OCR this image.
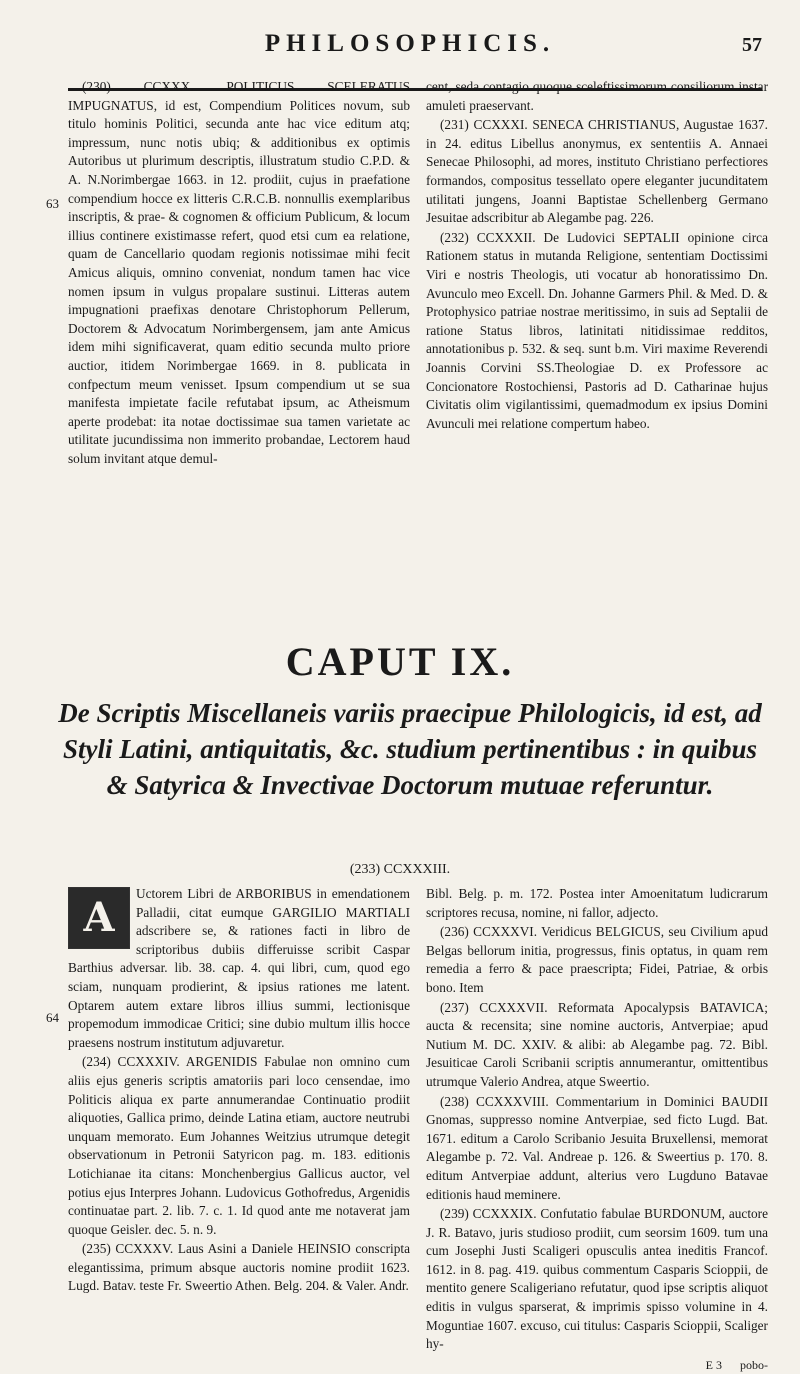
PHILOSOPHICIS.	57
63

(230) CCXXX. POLITICUS SCELERATUS IMPUGNATUS, id est, Compendium Politices novum, sub titulo hominis Politici, secunda ante hac vice editum atq; impressum, nunc notis ubiq; & additionibus ex optimis Autoribus ut plurimum descriptis, illustratum studio C.P.D. & A. N.Norimbergae 1663. in 12. prodiit, cujus in praefatione compendium hocce ex litteris C.R.C.B. nonnullis exemplaribus inscriptis, & prae- & cognomen & officium Publicum, & locum illius continere existimasse refert, quod etsi cum ea relatione, quam de Cancellario quodam regionis notissimae mihi fecit Amicus aliquis, omnino conveniat, nondum tamen hac vice nomen ipsum in vulgus propalare sustinui. Litteras autem impugnationi praefixas denotare Christophorum Pellerum, Doctorem & Advocatum Norimbergensem, jam ante Amicus idem mihi significaverat, quam editio secunda multo priore auctior, itidem Norimbergae 1669. in 8. publicata in confpectum meum venisset. Ipsum compendium ut se sua manifesta impietate facile refutabat ipsum, ac Atheismum aperte prodebat: ita notae doctissimae sua tamen varietate ac utilitate jucundissima non immerito probandae, Lectorem haud solum invitant atque demul-

cent, seda contagio quoque sceleftissimorum consiliorum instar amuleti praeservant.

(231) CCXXXI. SENECA CHRISTIANUS, Augustae 1637. in 24. editus Libellus anonymus, ex sententiis A. Annaei Senecae Philosophi, ad mores, instituto Christiano perfectiores formandos, compositus tessellato opere eleganter jucunditatem utilitati jungens, Joanni Baptistae Schellenberg Germano Jesuitae adscribitur ab Alegambe pag. 226.

(232) CCXXXII. De Ludovici SEPTALII opinione circa Rationem status in mutanda Religione, sententiam Doctissimi Viri e nostris Theologis, uti vocatur ab honoratissimo Dn. Avunculo meo Excell. Dn. Johanne Garmers Phil. & Med. D. & Protophysico patriae nostrae meritissimo, in suis ad Septalii de ratione Status libros, latinitati nitidissimae redditos, annotationibus p. 532. & seq. sunt b.m. Viri maxime Reverendi Joannis Corvini SS.Theologiae D. ex Professore ac Concionatore Rostochiensi, Pastoris ad D. Catharinae hujus Civitatis olim vigilantissimi, quemadmodum ex ipsius Domini Avunculi mei relatione compertum habeo.

CAPUT IX.
De Scriptis Miscellaneis variis praecipue Philologicis, id est, ad Styli Latini, antiquitatis, &c. studium pertinentibus : in quibus & Satyrica & Invectivae Doctorum mutuae referuntur.
(233) CCXXXIII.
64
A

Uctorem Libri de ARBORIBUS in emendationem Palladii, citat eumque GARGILIO MARTIALI adscribere se, & rationes facti in libro de scriptoribus dubiis differuisse scribit Caspar Barthius adversar. lib. 38. cap. 4. qui libri, cum, quod ego sciam, nunquam prodierint, & ipsius rationes me latent. Optarem autem extare libros illius summi, lectionisque propemodum immodicae Critici; sine dubio multum illis hocce praesens nostrum institutum adjuvaretur.

(234) CCXXXIV. ARGENIDIS Fabulae non omnino cum aliis ejus generis scriptis amatoriis pari loco censendae, imo Politicis aliqua ex parte annumerandae Continuatio prodiit aliquoties, Gallica primo, deinde Latina etiam, auctore neutrubi unquam memorato. Eum Johannes Weitzius utrumque detegit observationum in Petronii Satyricon pag. m. 183. editionis Lotichianae ita citans: Monchenbergius Gallicus auctor, vel potius ejus Interpres Johann. Ludovicus Gothofredus, Argenidis continuatae part. 2. lib. 7. c. 1. Id quod ante me notaverat jam quoque Geisler. dec. 5. n. 9.

(235) CCXXXV. Laus Asini a Daniele HEINSIO conscripta elegantissima, primum absque auctoris nomine prodiit 1623. Lugd. Batav. teste Fr. Sweertio Athen. Belg. 204. & Valer. Andr.

Bibl. Belg. p. m. 172. Postea inter Amoenitatum ludicrarum scriptores recusa, nomine, ni fallor, adjecto.

(236) CCXXXVI. Veridicus BELGICUS, seu Civilium apud Belgas bellorum initia, progressus, finis optatus, in quam rem remedia a ferro & pace praescripta; Fidei, Patriae, & orbis bono. Item

(237) CCXXXVII. Reformata Apocalypsis BATAVICA; aucta & recensita; sine nomine auctoris, Antverpiae; apud Nutium M. DC. XXIV. & alibi: ab Alegambe pag. 72. Bibl. Jesuiticae Caroli Scribanii scriptis annumerantur, omittentibus utrumque Valerio Andrea, atque Sweertio.

(238) CCXXXVIII. Commentarium in Dominici BAUDII Gnomas, suppresso nomine Antverpiae, sed ficto Lugd. Bat. 1671. editum a Carolo Scribanio Jesuita Bruxellensi, memorat Alegambe p. 72. Val. Andreae p. 126. & Sweertius p. 170. 8. editum Antverpiae addunt, alterius vero Lugduno Batavae editionis haud meminere.

(239) CCXXXIX. Confutatio fabulae BURDONUM, auctore J. R. Batavo, juris studioso prodiit, cum seorsim 1609. tum una cum Josephi Justi Scaligeri opusculis antea ineditis Francof. 1612. in 8. pag. 419. quibus commentum Casparis Scioppii, de mentito genere Scaligeriano refutatur, quod ipse scriptis aliquot editis in vulgus sparserat, & imprimis spisso volumine in 4. Moguntiae 1607. excuso, cui titulus: Casparis Scioppii, Scaliger hy-

E 3 pobo-
